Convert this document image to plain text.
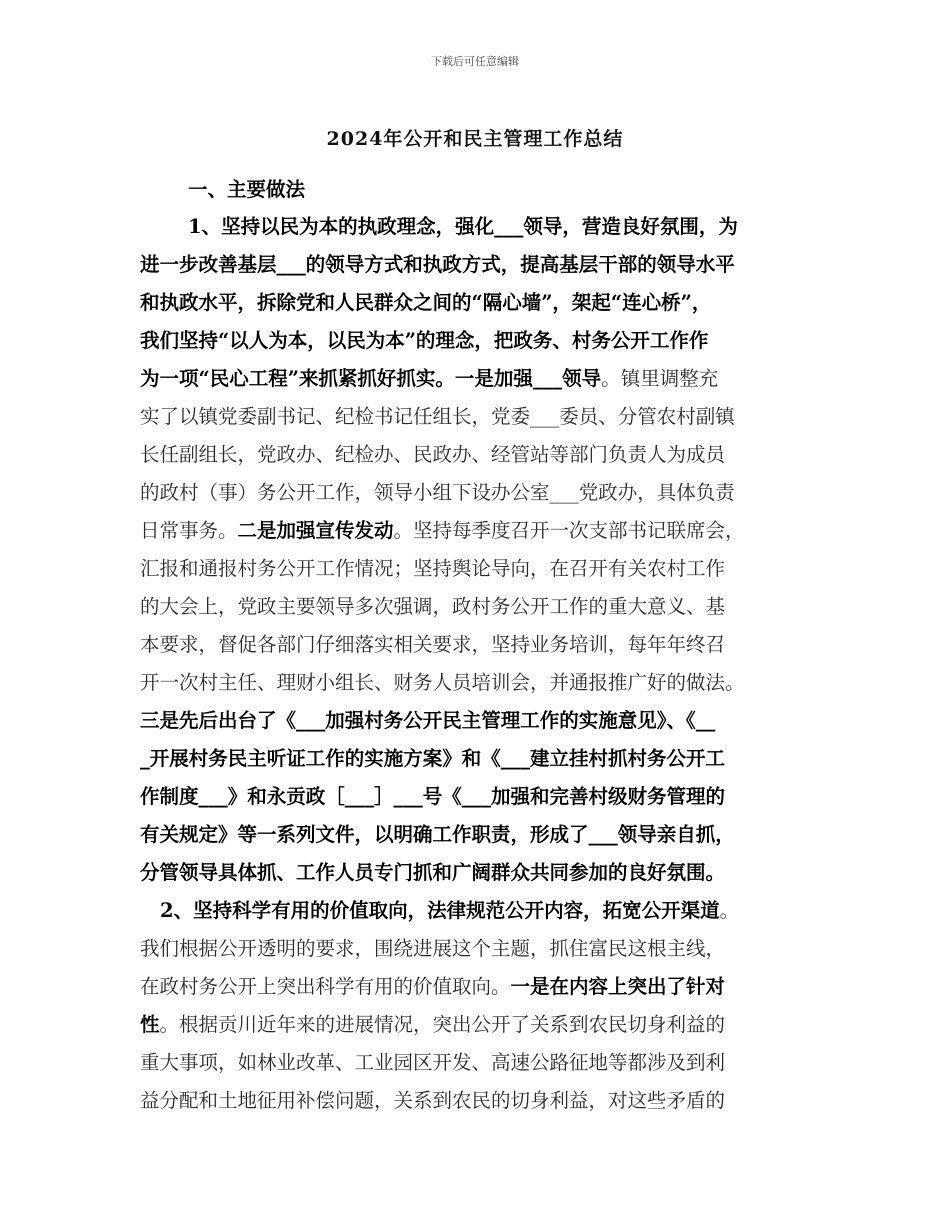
下载后可任意编辑
2024年公开和民主管理工作总结
一、主要做法
1、坚持以民为本的执政理念，强化___领导，营造良好氛围，为
进一步改善基层___的领导方式和执政方式，提高基层干部的领导水平
和执政水平，拆除党和人民群众之间的“隔心墙”，架起“连心桥”，
我们坚持“以人为本，以民为本”的理念，把政务、村务公开工作作
为一项“民心工程”来抓紧抓好抓实。一是加强___领导。镇里调整充
实了以镇党委副书记、纪检书记任组长，党委___委员、分管农村副镇
长任副组长，党政办、纪检办、民政办、经管站等部门负责人为成员
的政村（事）务公开工作，领导小组下设办公室___党政办，具体负责
日常事务。二是加强宣传发动。坚持每季度召开一次支部书记联席会，
汇报和通报村务公开工作情况；坚持舆论导向，在召开有关农村工作
的大会上，党政主要领导多次强调，政村务公开工作的重大意义、基
本要求，督促各部门仔细落实相关要求，坚持业务培训，每年年终召
开一次村主任、理财小组长、财务人员培训会，并通报推广好的做法。
三是先后出台了《___加强村务公开民主管理工作的实施意见》、《__
_开展村务民主听证工作的实施方案》和《___建立挂村抓村务公开工
作制度___》和永贡政［___］___号《___加强和完善村级财务管理的
有关规定》等一系列文件，以明确工作职责，形成了___领导亲自抓，
分管领导具体抓、工作人员专门抓和广阔群众共同参加的良好氛围。
2、坚持科学有用的价值取向，法律规范公开内容，拓宽公开渠道。
我们根据公开透明的要求，围绕进展这个主题，抓住富民这根主线，
在政村务公开上突出科学有用的价值取向。一是在内容上突出了针对
性。根据贡川近年来的进展情况，突出公开了关系到农民切身利益的
重大事项，如林业改革、工业园区开发、高速公路征地等都涉及到利
益分配和土地征用补偿问题，关系到农民的切身利益，对这些矛盾的
